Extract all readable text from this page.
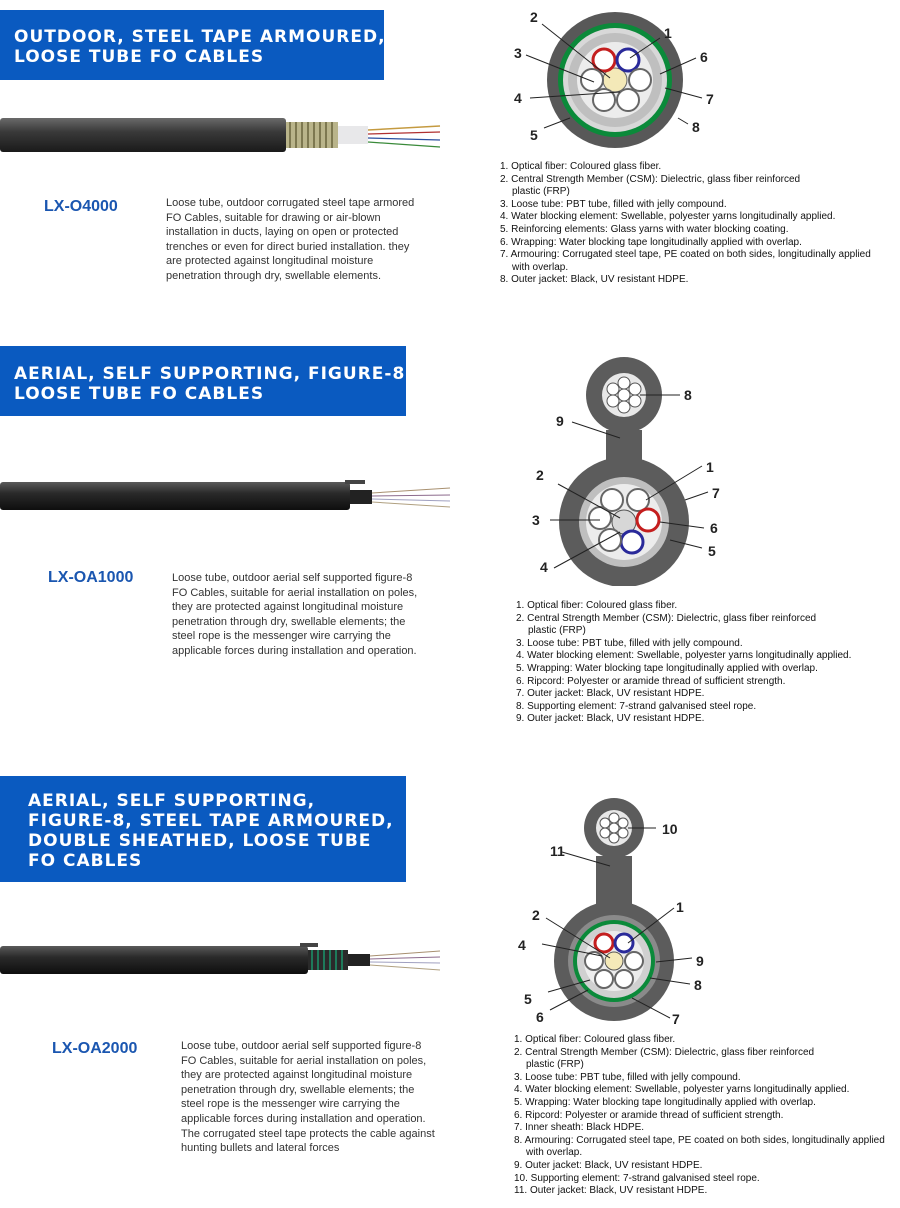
OUTDOOR, STEEL TAPE ARMOURED,
LOOSE TUBE FO CABLES
LX-O4000	Loose tube, outdoor corrugated steel tape armored
FO Cables, suitable for drawing or air-blown
installation in ducts, laying on open or protected
trenches or even for direct buried installation. they
are protected against longitudinal moisture
penetration through dry, swellable elements.
1
2
3
4
5
6
7
8
1. Optical fiber: Coloured glass fiber.
2. Central Strength Member (CSM): Dielectric, glass fiber reinforced plastic (FRP)
3. Loose tube: PBT tube, filled with jelly compound.
4. Water blocking element: Swellable, polyester yarns longitudinally applied.
5. Reinforcing elements: Glass yarns with water blocking coating.
6. Wrapping: Water blocking tape longitudinally applied with overlap.
7. Armouring: Corrugated steel tape, PE coated on both sides, longitudinally applied with overlap.
8. Outer jacket: Black, UV resistant HDPE.
AERIAL, SELF SUPPORTING, FIGURE-8,
LOOSE TUBE FO CABLES
LX-OA1000	Loose tube, outdoor aerial self supported figure-8
FO Cables, suitable for aerial installation on poles,
they are protected against longitudinal moisture
penetration through dry, swellable elements; the
steel rope is the messenger wire carrying the
applicable forces during installation and operation.
8
9
1
2
3	6
4
5
7
1. Optical fiber: Coloured glass fiber.
2. Central Strength Member (CSM): Dielectric, glass fiber reinforced plastic (FRP)
3. Loose tube: PBT tube, filled with jelly compound.
4. Water blocking element: Swellable, polyester yarns longitudinally applied.
5. Wrapping: Water blocking tape longitudinally applied with overlap.
6. Ripcord: Polyester or aramide thread of sufficient strength.
7. Outer jacket: Black, UV resistant HDPE.
8. Supporting element: 7-strand galvanised steel rope.
9. Outer jacket: Black, UV resistant HDPE.
AERIAL, SELF SUPPORTING,
FIGURE-8, STEEL TAPE ARMOURED,
DOUBLE SHEATHED, LOOSE TUBE
FO CABLES
LX-OA2000	Loose tube, outdoor aerial self supported figure-8
FO Cables, suitable for aerial installation on poles,
they are protected against longitudinal moisture
penetration through dry, swellable elements; the
steel rope is the messenger wire carrying the
applicable forces during installation and operation.
The corrugated steel tape protects the cable against
hunting bullets and lateral forces
10
11
2	1
4
9
8
5
6	7
1. Optical fiber: Coloured glass fiber.
2. Central Strength Member (CSM): Dielectric, glass fiber reinforced plastic (FRP)
3. Loose tube: PBT tube, filled with jelly compound.
4. Water blocking element: Swellable, polyester yarns longitudinally applied.
5. Wrapping: Water blocking tape longitudinally applied with overlap.
6. Ripcord: Polyester or aramide thread of sufficient strength.
7. Inner sheath: Black HDPE.
8. Armouring: Corrugated steel tape, PE coated on both sides, longitudinally applied with overlap.
9. Outer jacket: Black, UV resistant HDPE.
10. Supporting element: 7-strand galvanised steel rope.
11. Outer jacket: Black, UV resistant HDPE.
